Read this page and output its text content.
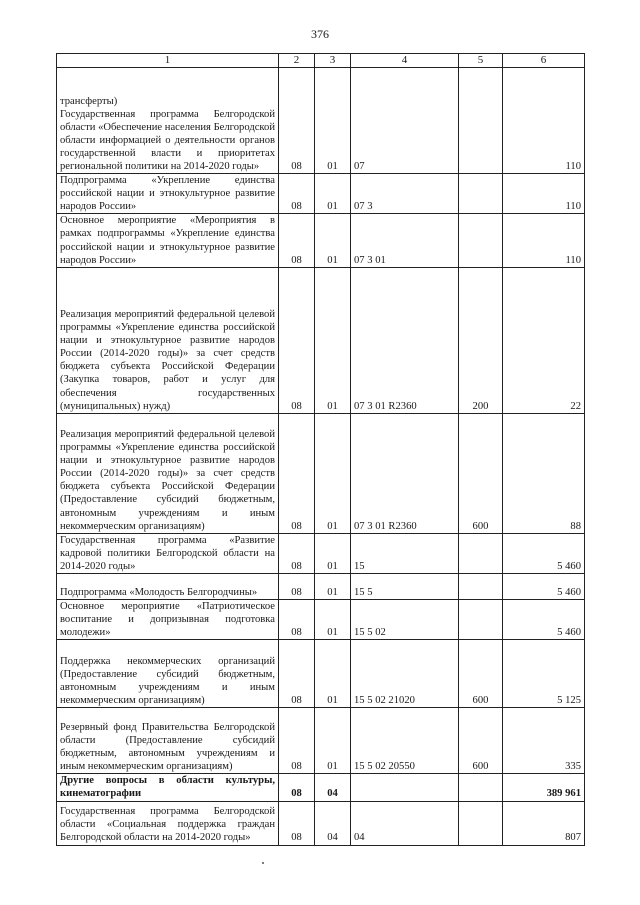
376
1	2	3	4	5	6
трансферты)
Государственная программа Белгородской области «Обеспечение населения Белгородской области информацией о деятельности органов государственной власти и приоритетах региональной политики на 2014-2020 годы»	08	01	07		110
Подпрограмма «Укрепление единства российской нации и этнокультурное развитие народов России»	08	01	07 3		110
Основное мероприятие «Мероприятия в рамках подпрограммы «Укрепление единства российской нации и этнокультурное развитие народов России»	08	01	07 3 01		110
Реализация мероприятий федеральной целевой программы «Укрепление единства российской нации и этнокультурное развитие народов России (2014-2020 годы)» за счет средств бюджета субъекта Российской Федерации (Закупка товаров, работ и услуг для обеспечения государственных (муниципальных) нужд)	08	01	07 3 01 R2360	200	22
Реализация мероприятий федеральной целевой программы «Укрепление единства российской нации и этнокультурное развитие народов России (2014-2020 годы)» за счет средств бюджета субъекта Российской Федерации (Предоставление субсидий бюджетным, автономным учреждениям и иным некоммерческим организациям)	08	01	07 3 01 R2360	600	88
Государственная программа «Развитие кадровой политики Белгородской области на 2014-2020 годы»	08	01	15		5 460
Подпрограмма «Молодость Белгородчины»	08	01	15 5		5 460
Основное мероприятие «Патриотическое воспитание и допризывная подготовка молодежи»	08	01	15 5 02		5 460
Поддержка некоммерческих организаций (Предоставление субсидий бюджетным, автономным учреждениям и иным некоммерческим организациям)	08	01	15 5 02 21020	600	5 125
Резервный фонд Правительства Белгородской области (Предоставление субсидий бюджетным, автономным учреждениям и иным некоммерческим организациям)	08	01	15 5 02 20550	600	335
Другие вопросы в области культуры, кинематографии	08	04			389 961
Государственная программа Белгородской области «Социальная поддержка граждан Белгородской области на 2014-2020 годы»	08	04	04		807
